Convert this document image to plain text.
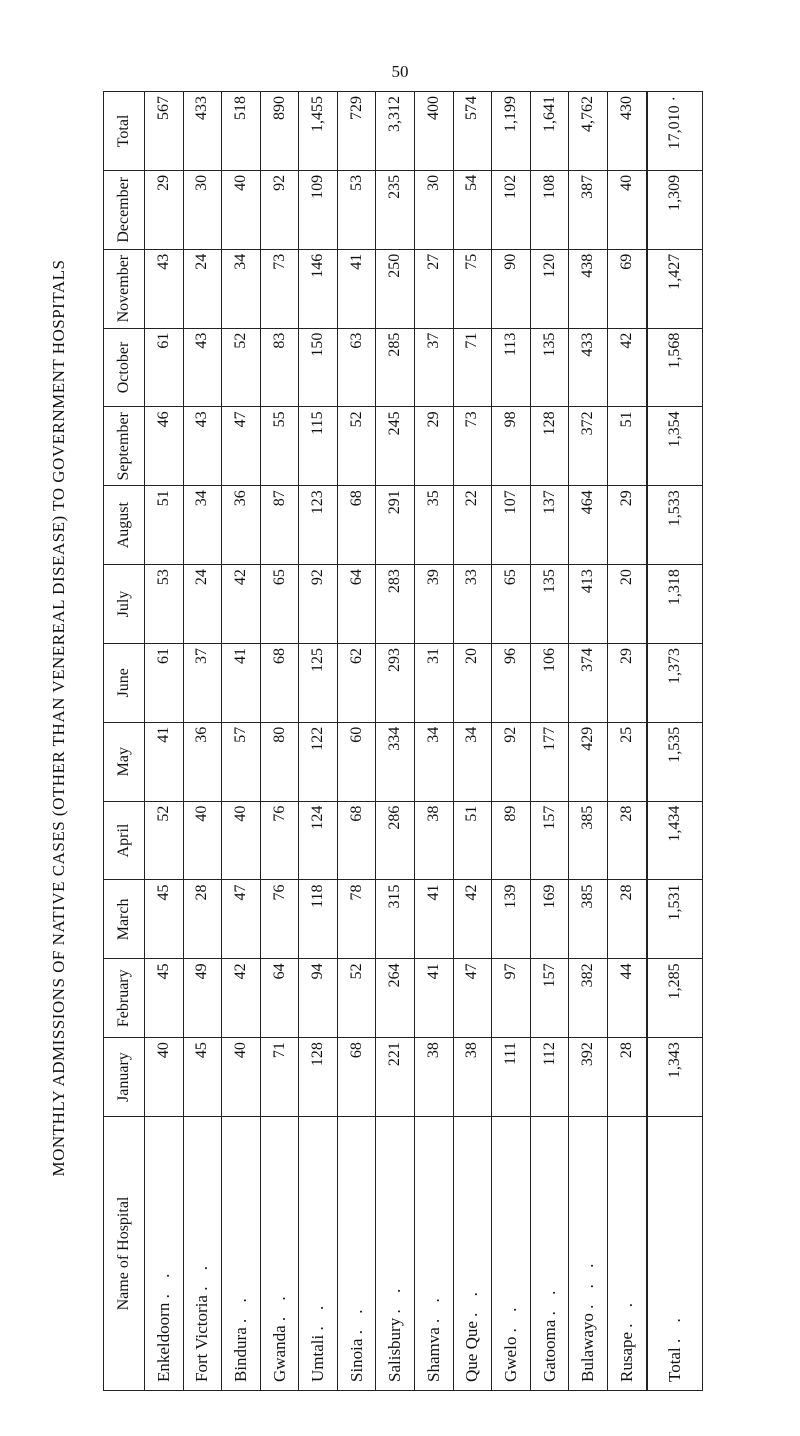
50
MONTHLY ADMISSIONS OF NATIVE CASES (OTHER THAN VENEREAL DISEASE) TO GOVERNMENT HOSPITALS
Name of Hospital	January	February	March	April	May	June	July	August	September	October	November	December	Total
Enkeldoorn . .	40	45	45	52	41	61	53	51	46	61	43	29	567
Fort Victoria . .	45	49	28	40	36	37	24	34	43	43	24	30	433
Bindura . .	40	42	47	40	57	41	42	36	47	52	34	40	518
Gwanda . .	71	64	76	76	80	68	65	87	55	83	73	92	890
Umtali . .	128	94	118	124	122	125	92	123	115	150	146	109	1,455
Sinoia . .	68	52	78	68	60	62	64	68	52	63	41	53	729
Salisbury . .	221	264	315	286	334	293	283	291	245	285	250	235	3,312
Shamva . .	38	41	41	38	34	31	39	35	29	37	27	30	400
Que Que . .	38	47	42	51	34	20	33	22	73	71	75	54	574
Gwelo . .	111	97	139	89	92	96	65	107	98	113	90	102	1,199
Gatooma . .	112	157	169	157	177	106	135	137	128	135	120	108	1,641
Bulawayo . . .	392	382	385	385	429	374	413	464	372	433	438	387	4,762
Rusape . .	28	44	28	28	25	29	20	29	51	42	69	40	430
Total . .	1,343	1,285	1,531	1,434	1,535	1,373	1,318	1,533	1,354	1,568	1,427	1,309	17,010 ·
